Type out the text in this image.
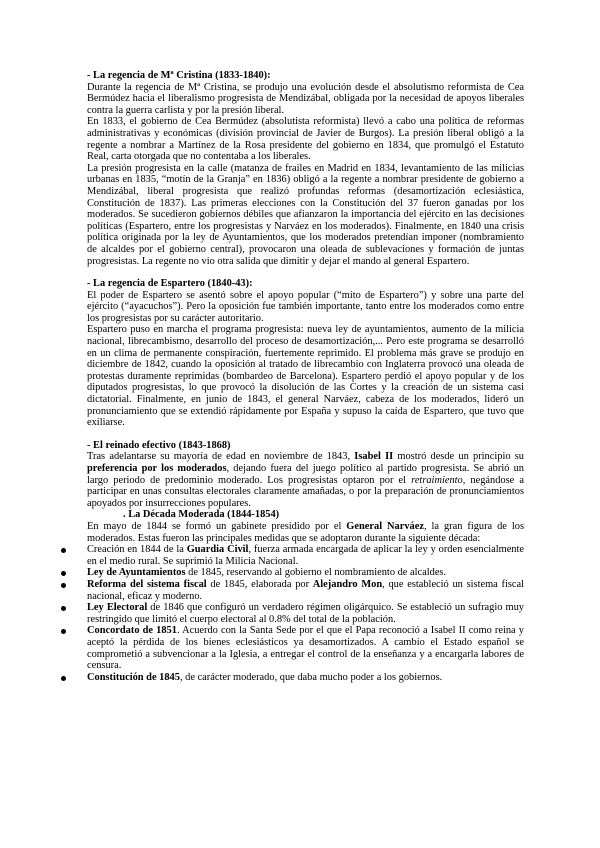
- La regencia de Mª Cristina (1833-1840):

Durante la regencia de Mª Cristina, se produjo una evolución desde el absolutismo reformista de Cea Bermúdez hacia el liberalismo progresista de Mendizábal, obligada por la necesidad de apoyos liberales contra la guerra carlista y por la presión liberal.

En 1833, el gobierno de Cea Bermúdez (absolutista reformista) llevó a cabo una política de reformas administrativas y económicas (división provincial de Javier de Burgos). La presión liberal obligó a la regente a nombrar a Martínez de la Rosa presidente del gobierno en 1834, que promulgó el Estatuto Real, carta otorgada que no contentaba a los liberales.

La presión progresista en la calle (matanza de frailes en Madrid en 1834, levantamiento de las milicias urbanas en 1835, “motín de la Granja” en 1836) obligó a la regente a nombrar presidente de gobierno a Mendizábal, liberal progresista que realizó profundas reformas (desamortización eclesiástica, Constitución de 1837). Las primeras elecciones con la Constitución del 37 fueron ganadas por los moderados. Se sucedieron gobiernos débiles que afianzaron la importancia del ejército en las decisiones políticas (Espartero, entre los progresistas y Narváez en los moderados). Finalmente, en 1840 una crisis política originada por la ley de Ayuntamientos, que los moderados pretendían imponer (nombramiento de alcaldes por el gobierno central), provocaron una oleada de sublevaciones y formación de juntas progresistas. La regente no vio otra salida que dimitir y dejar el mando al general Espartero.

- La regencia de Espartero (1840-43):

El poder de Espartero se asentó sobre el apoyo popular (“mito de Espartero”) y sobre una parte del ejército (“ayacuchos”). Pero la oposición fue también importante, tanto entre los moderados como entre los progresistas por su carácter autoritario.

Espartero puso en marcha el programa progresista: nueva ley de ayuntamientos, aumento de la milicia nacional, librecambismo, desarrollo del proceso de desamortización,... Pero este programa se desarrolló en un clima de permanente conspiración, fuertemente reprimido. El problema más grave se produjo en diciembre de 1842, cuando la oposición al tratado de librecambio con Inglaterra provocó una oleada de protestas duramente reprimidas (bombardeo de Barcelona). Espartero perdió el apoyo popular y de los diputados progresistas, lo que provocó la disolución de las Cortes y la creación de un sistema casi dictatorial. Finalmente, en junio de 1843, el general Narváez, cabeza de los moderados, lideró un pronunciamiento que se extendió rápidamente por España y supuso la caída de Espartero, que tuvo que exiliarse.

- El reinado efectivo (1843-1868)

Tras adelantarse su mayoría de edad en noviembre de 1843, Isabel II mostró desde un principio su preferencia por los moderados, dejando fuera del juego político al partido progresista. Se abrió un largo periodo de predominio moderado. Los progresistas optaron por el retraimiento, negándose a participar en unas consultas electorales claramente amañadas, o por la preparación de pronunciamientos apoyados por insurrecciones populares.

. La Década Moderada (1844-1854)

En mayo de 1844 se formó un gabinete presidido por el General Narváez, la gran figura de los moderados. Estas fueron las principales medidas que se adoptaron durante la siguiente década:

Creación en 1844 de la Guardia Civil, fuerza armada encargada de aplicar la ley y orden esencialmente en el medio rural. Se suprimió la Milicia Nacional.
Ley de Ayuntamientos de 1845, reservando al gobierno el nombramiento de alcaldes.
Reforma del sistema fiscal de 1845, elaborada por Alejandro Mon, que estableció un sistema fiscal nacional, eficaz y moderno.
Ley Electoral de 1846 que configuró un verdadero régimen oligárquico. Se estableció un sufragio muy restringido que limitó el cuerpo electoral al 0.8% del total de la población.
Concordato de 1851. Acuerdo con la Santa Sede por el que el Papa reconoció a Isabel II como reina y aceptó la pérdida de los bienes eclesiásticos ya desamortizados. A cambio el Estado español se comprometió a subvencionar a la Iglesia, a entregar el control de la enseñanza y a encargarla labores de censura.
Constitución de 1845, de carácter moderado, que daba mucho poder a los gobiernos.
